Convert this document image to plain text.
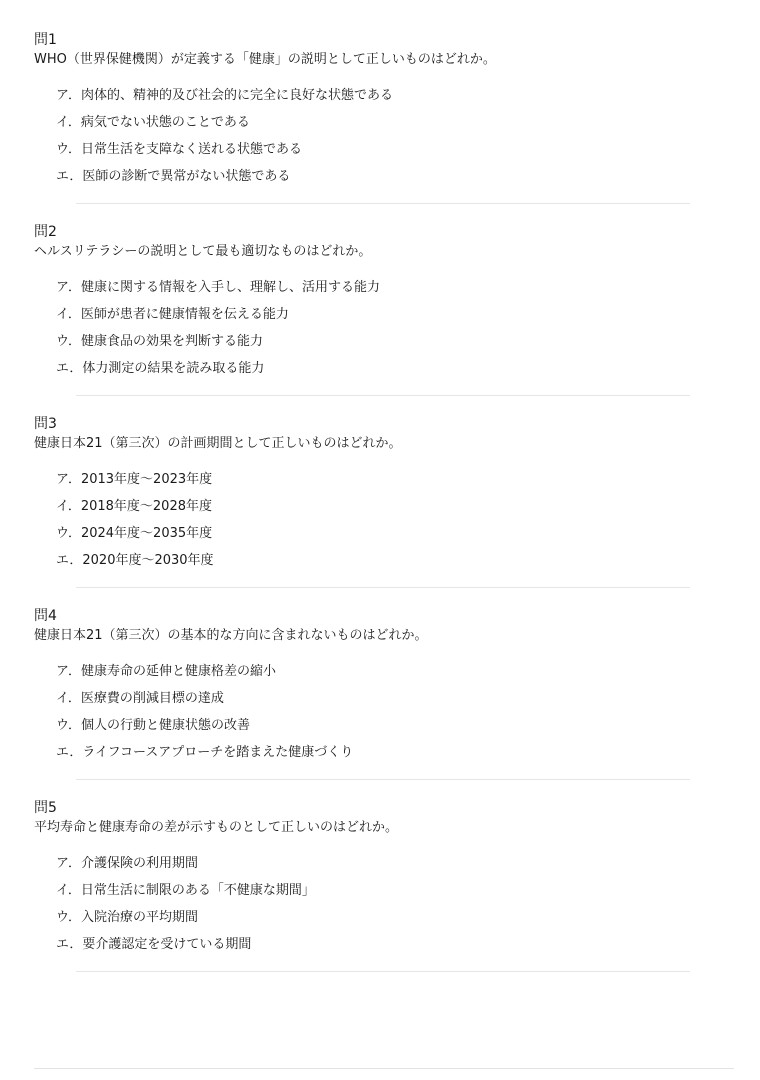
問1
WHO（世界保健機関）が定義する「健康」の説明として正しいものはどれか。
ア．肉体的、精神的及び社会的に完全に良好な状態である
イ．病気でない状態のことである
ウ．日常生活を支障なく送れる状態である
エ．医師の診断で異常がない状態である
問2
ヘルスリテラシーの説明として最も適切なものはどれか。
ア．健康に関する情報を入手し、理解し、活用する能力
イ．医師が患者に健康情報を伝える能力
ウ．健康食品の効果を判断する能力
エ．体力測定の結果を読み取る能力
問3
健康日本21（第三次）の計画期間として正しいものはどれか。
ア．2013年度〜2023年度
イ．2018年度〜2028年度
ウ．2024年度〜2035年度
エ．2020年度〜2030年度
問4
健康日本21（第三次）の基本的な方向に含まれないものはどれか。
ア．健康寿命の延伸と健康格差の縮小
イ．医療費の削減目標の達成
ウ．個人の行動と健康状態の改善
エ．ライフコースアプローチを踏まえた健康づくり
問5
平均寿命と健康寿命の差が示すものとして正しいのはどれか。
ア．介護保険の利用期間
イ．日常生活に制限のある「不健康な期間」
ウ．入院治療の平均期間
エ．要介護認定を受けている期間
